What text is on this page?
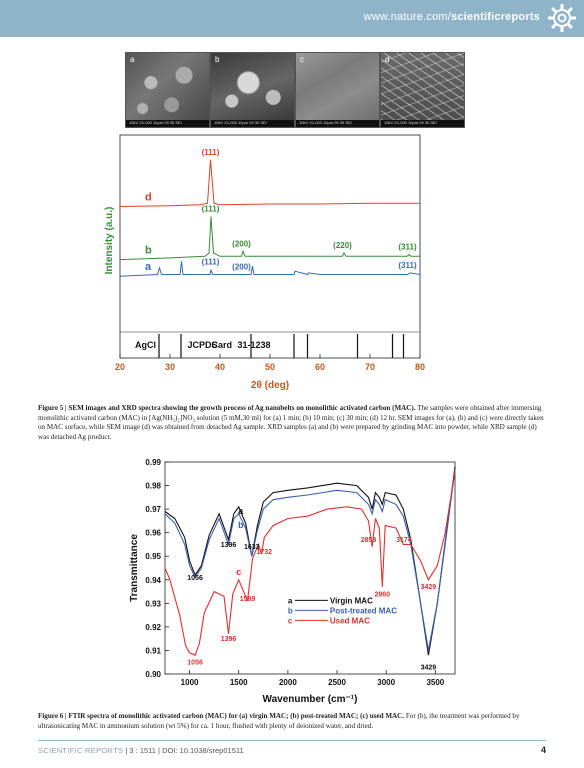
www.nature.com/scientificreports
a
10kV X1,000 10μm 09 30 SEI
b
10kV X1,000 10μm 09 30 SEI
c
10kV X1,000 10μm 09 30 SEI
d
10kV X1,000 10μm 09 30 SEI
20	30	40	50	60	70	80
2θ (deg)
Intensity (a.u.)
d
b
a
(111)
(111)
(200)	(220)	(311)
(111)
(200)	(311)
AgCl	JCPDS
Card 31-1238
Figure 5 | SEM images and XRD spectra showing the growth process of Ag nanobelts on monolithic activated carbon (MAC). The samples were obtained after immersing monolithic activated carbon (MAC) in [Ag(NH₃)₂]NO₃ solution (5 mM,30 ml) for (a) 1 min; (b) 10 min; (c) 30 min; (d) 12 hr. SEM images for (a), (b) and (c) were directly taken on MAC surface, while SEM image (d) was obtained from detached Ag sample. XRD samples (a) and (b) were prepared by grinding MAC into powder, while XRD sample (d) was detached Ag product.
0.90
0.91
0.92
0.93
0.94
0.95
0.96
0.97
0.98
0.99
1000	1500	2000	2500	3000	3500
Wavenumber (cm⁻¹)
Transmittance
a
b
c
1056
1396 1633
1732
1589
1396
1056
2858
2960
3174
3429
3429
a	Virgin MAC
b	Post-treated MAC
c	Used MAC
Figure 6 | FTIR spectra of monolithic activated carbon (MAC) for (a) virgin MAC; (b) post-treated MAC; (c) used MAC. For (b), the treatment was performed by ultrasonicating MAC in ammonium solution (wt 5%) for ca. 1 hour, flushed with plenty of deionized water, and dried.
SCIENTIFIC REPORTS | 3 : 1511 | DOI: 10.1038/srep01511	4
